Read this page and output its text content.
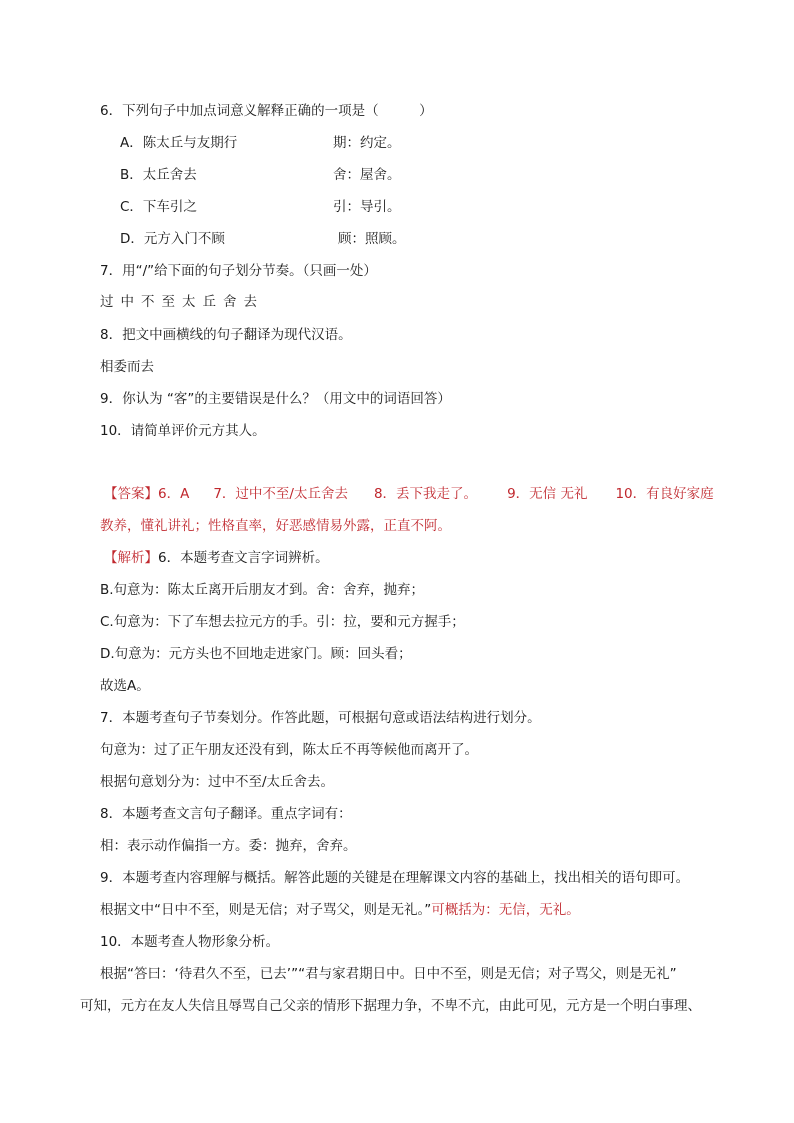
6．下列句子中加点词意义解释正确的一项是（　　　）
A．陈太丘与友期行	期：约定。
B．太丘舍去	舍：屋舍。
C．下车引之	引：导引。
D．元方入门不顾	顾：照顾。
7．用“/”给下面的句子划分节奏。（只画一处）
过中不至太丘舍去
8．把文中画横线的句子翻译为现代汉语。
相委而去
9．你认为 “客”的主要错误是什么？（用文中的词语回答）
10．请简单评价元方其人。
【答案】6．A 7．过中不至/太丘舍去 8．丢下我走了。 9．无信 无礼 10．有良好家庭
教养，懂礼讲礼；性格直率，好恶感情易外露，正直不阿。
【解析】6．本题考查文言字词辨析。
B.句意为：陈太丘离开后朋友才到。舍：舍弃，抛弃；
C.句意为：下了车想去拉元方的手。引：拉，要和元方握手；
D.句意为：元方头也不回地走进家门。顾：回头看；
故选A。
7．本题考查句子节奏划分。作答此题，可根据句意或语法结构进行划分。
句意为：过了正午朋友还没有到，陈太丘不再等候他而离开了。
根据句意划分为：过中不至/太丘舍去。
8．本题考查文言句子翻译。重点字词有：
相：表示动作偏指一方。委：抛弃，舍弃。
9．本题考查内容理解与概括。解答此题的关键是在理解课文内容的基础上，找出相关的语句即可。
根据文中“日中不至，则是无信；对子骂父，则是无礼。”可概括为：无信，无礼。
10．本题考查人物形象分析。
根据“答曰：‘待君久不至，已去’”“君与家君期日中。日中不至，则是无信；对子骂父，则是无礼”
可知，元方在友人失信且辱骂自己父亲的情形下据理力争，不卑不亢，由此可见，元方是一个明白事理、
